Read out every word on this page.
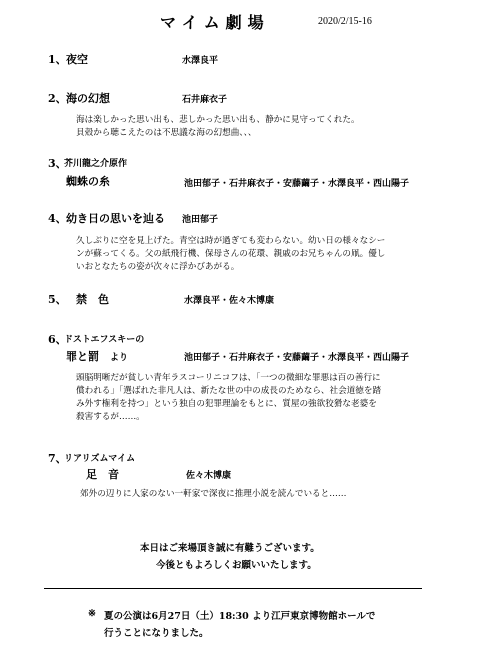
マイム劇場	2020/2/15-16
1、 夜空	水澤良平
2、 海の幻想	石井麻衣子
海は楽しかった思い出も、悲しかった思い出も、静かに見守ってくれた。
貝殻から聴こえたのは不思議な海の幻想曲、、、
3、
芥川龍之介原作
蜘蛛の糸	池田郁子・石井麻衣子・安藤繭子・水澤良平・西山陽子
4、 幼き日の思いを辿る 池田郁子
久しぶりに空を見上げた。青空は時が過ぎても変わらない。幼い日の様々なシー
ンが蘇ってくる。父の紙飛行機、保母さんの花環、親戚のお兄ちゃんの凧。優し
いおとなたちの姿が次々に浮かびあがる。
5、 禁　色	水澤良平・佐々木博康
6、
ドストエフスキーの
罪と罰 より	池田郁子・石井麻衣子・安藤繭子・水澤良平・西山陽子
頭脳明晰だが貧しい青年ラスコーリニコフは、「一つの微細な罪悪は百の善行に
償われる」「選ばれた非凡人は、新たな世の中の成長のためなら、社会道徳を踏
み外す権利を持つ」という独自の犯罪理論をもとに、質屋の強欲狡猾な老婆を
殺害するが……。
7、
リアリズムマイム
足　音	佐々木博康
郊外の辺りに人家のない一軒家で深夜に推理小説を読んでいると……
本日はご来場頂き誠に有難うございます。
今後ともよろしくお願いいたします。
※ 夏の公演は6月27日（土）18:30 より江戸東京博物館ホールで
行うことになりました。
